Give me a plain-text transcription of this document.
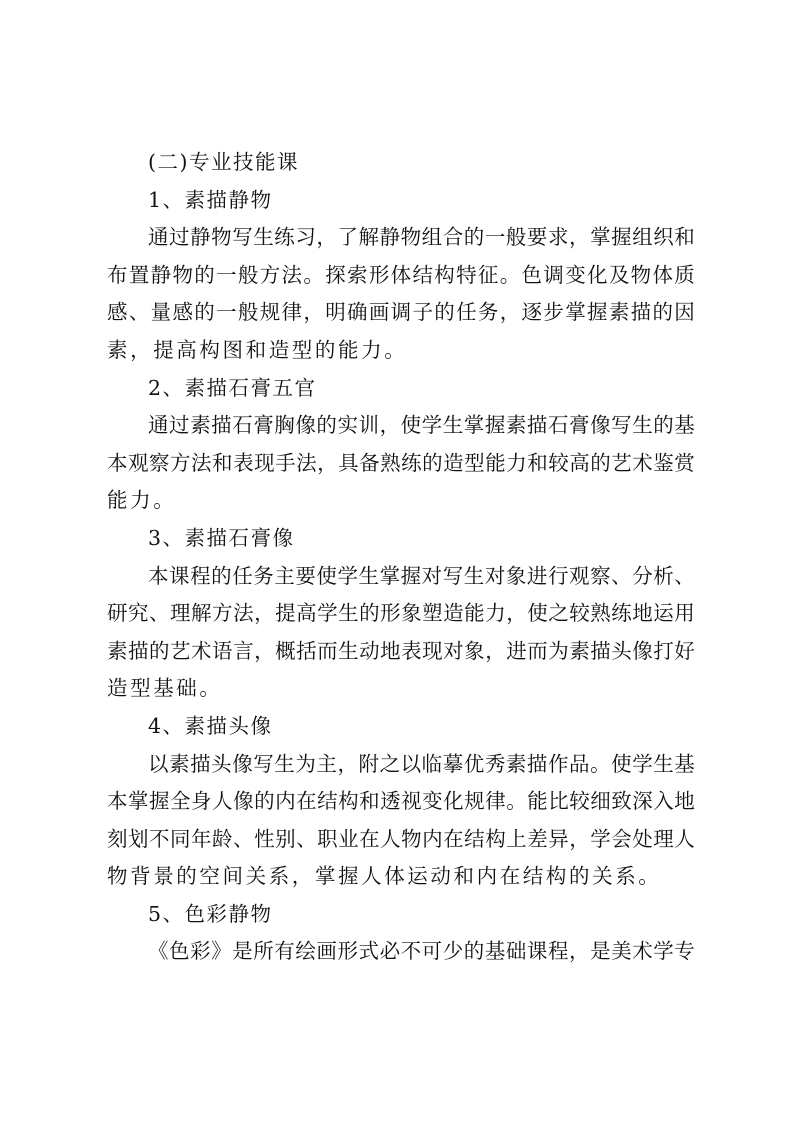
(二)专业技能课
1、素描静物
通过静物写生练习，了解静物组合的一般要求，掌握组织和
布置静物的一般方法。探索形体结构特征。色调变化及物体质
感、量感的一般规律，明确画调子的任务，逐步掌握素描的因
素，提高构图和造型的能力。
2、素描石膏五官
通过素描石膏胸像的实训，使学生掌握素描石膏像写生的基
本观察方法和表现手法，具备熟练的造型能力和较高的艺术鉴赏
能力。
3、素描石膏像
本课程的任务主要使学生掌握对写生对象进行观察、分析、
研究、理解方法，提高学生的形象塑造能力，使之较熟练地运用
素描的艺术语言，概括而生动地表现对象，进而为素描头像打好
造型基础。
4、素描头像
以素描头像写生为主，附之以临摹优秀素描作品。使学生基
本掌握全身人像的内在结构和透视变化规律。能比较细致深入地
刻划不同年龄、性别、职业在人物内在结构上差异，学会处理人
物背景的空间关系，掌握人体运动和内在结构的关系。
5、色彩静物
《色彩》是所有绘画形式必不可少的基础课程，是美术学专
